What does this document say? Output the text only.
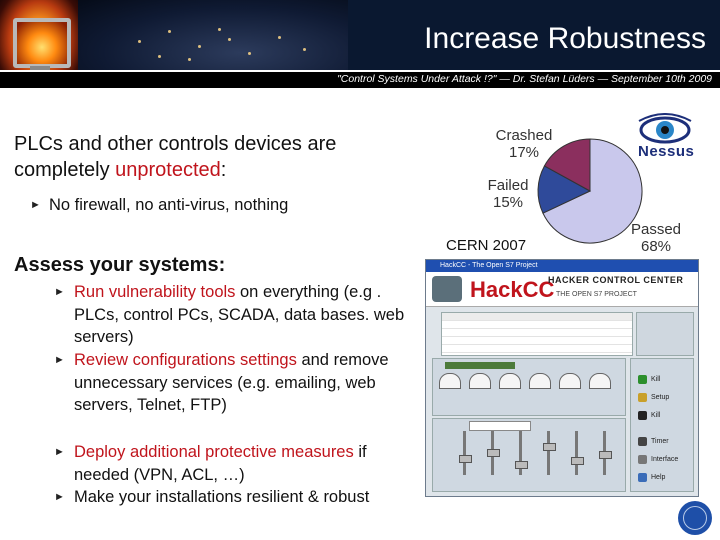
Increase Robustness
"Control Systems Under Attack !?" — Dr. Stefan Lüders — September 10th 2009
PLCs and other controls devices are completely unprotected:
► No firewall, no anti-virus, nothing
Assess your systems:
► Run vulnerability tools on everything (e.g . PLCs, control PCs, SCADA, data bases. web servers)
► Review configurations settings and remove unnecessary services (e.g. emailing, web servers, Telnet, FTP)
► Deploy additional protective measures if needed (VPN, ACL, …)
► Make your installations resilient & robust
Crashed
17%
Failed
15%
Passed
68%
CERN 2007
Nessus
HackCC - The Open S7 Project
HackCC
HACKER CONTROL CENTER
THE OPEN S7 PROJECT
Kill
Setup
Kill
Timer
Interface
Help
